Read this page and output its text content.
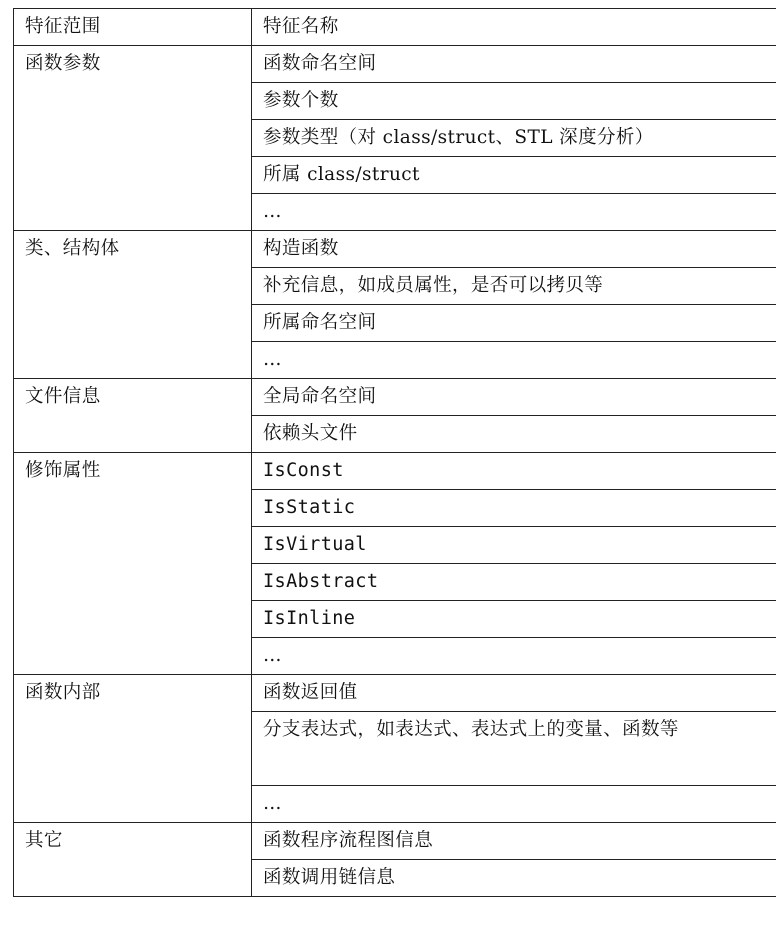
特征范围	特征名称
函数参数	函数命名空间
	参数个数
	参数类型（对 class/struct、STL 深度分析）
	所属 class/struct
	…
类、结构体	构造函数
	补充信息，如成员属性，是否可以拷贝等
	所属命名空间
	…
文件信息	全局命名空间
	依赖头文件
修饰属性	IsConst
	IsStatic
	IsVirtual
	IsAbstract
	IsInline
	…
函数内部	函数返回值
	分支表达式，如表达式、表达式上的变量、函数等
	…
其它	函数程序流程图信息
	函数调用链信息
